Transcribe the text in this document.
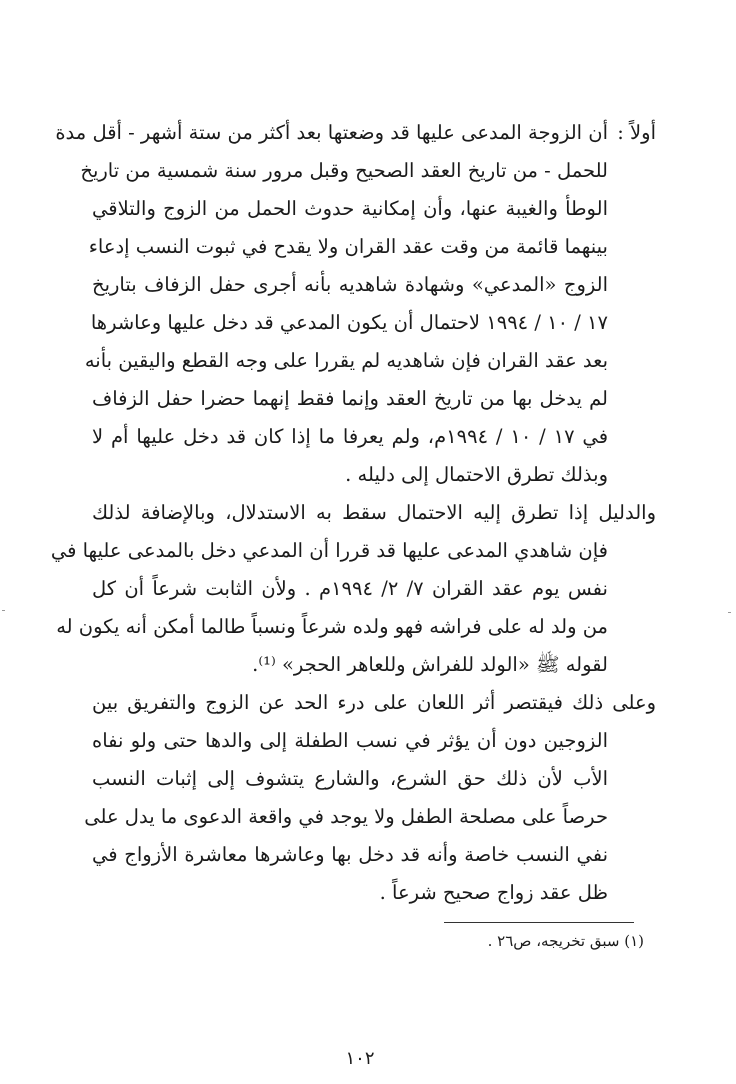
أولاً :
أن الزوجة المدعى عليها قد وضعتها بعد أكثر من ستة أشهر - أقل مدة
للحمل - من تاريخ العقد الصحيح وقبل مرور سنة شمسية من تاريخ
الوطأ والغيبة عنها، وأن إمكانية حدوث الحمل من الزوج والتلاقي
بينهما قائمة من وقت عقد القران ولا يقدح في ثبوت النسب إدعاء
الزوج «المدعي» وشهادة شاهديه بأنه أجرى حفل الزفاف بتاريخ
١٧ / ١٠ / ١٩٩٤ لاحتمال أن يكون المدعي قد دخل عليها وعاشرها
بعد عقد القران فإن شاهديه لم يقررا على وجه القطع واليقين بأنه
لم يدخل بها من تاريخ العقد وإنما فقط إنهما حضرا حفل الزفاف
في ١٧ / ١٠ / ١٩٩٤م، ولم يعرفا ما إذا كان قد دخل عليها أم لا
وبذلك تطرق الاحتمال إلى دليله .
والدليل إذا تطرق إليه الاحتمال سقط به الاستدلال، وبالإضافة لذلك
فإن شاهدي المدعى عليها قد قررا أن المدعي دخل بالمدعى عليها في
نفس يوم عقد القران ٧/ ٢/ ١٩٩٤م . ولأن الثابت شرعاً أن كل
من ولد له على فراشه فهو ولده شرعاً ونسباً طالما أمكن أنه يكون له
لقوله ﷺ «الولد للفراش وللعاهر الحجر» ⁽¹⁾.
(١) سبق تخريجه، ص٢٦ .
١٠٢
وعلى ذلك فيقتصر أثر اللعان على درء الحد عن الزوج والتفريق بين
الزوجين دون أن يؤثر في نسب الطفلة إلى والدها حتى ولو نفاه
الأب لأن ذلك حق الشرع، والشارع يتشوف إلى إثبات النسب
حرصاً على مصلحة الطفل ولا يوجد في واقعة الدعوى ما يدل على
نفي النسب خاصة وأنه قد دخل بها وعاشرها معاشرة الأزواج في
ظل عقد زواج صحيح شرعاً .
